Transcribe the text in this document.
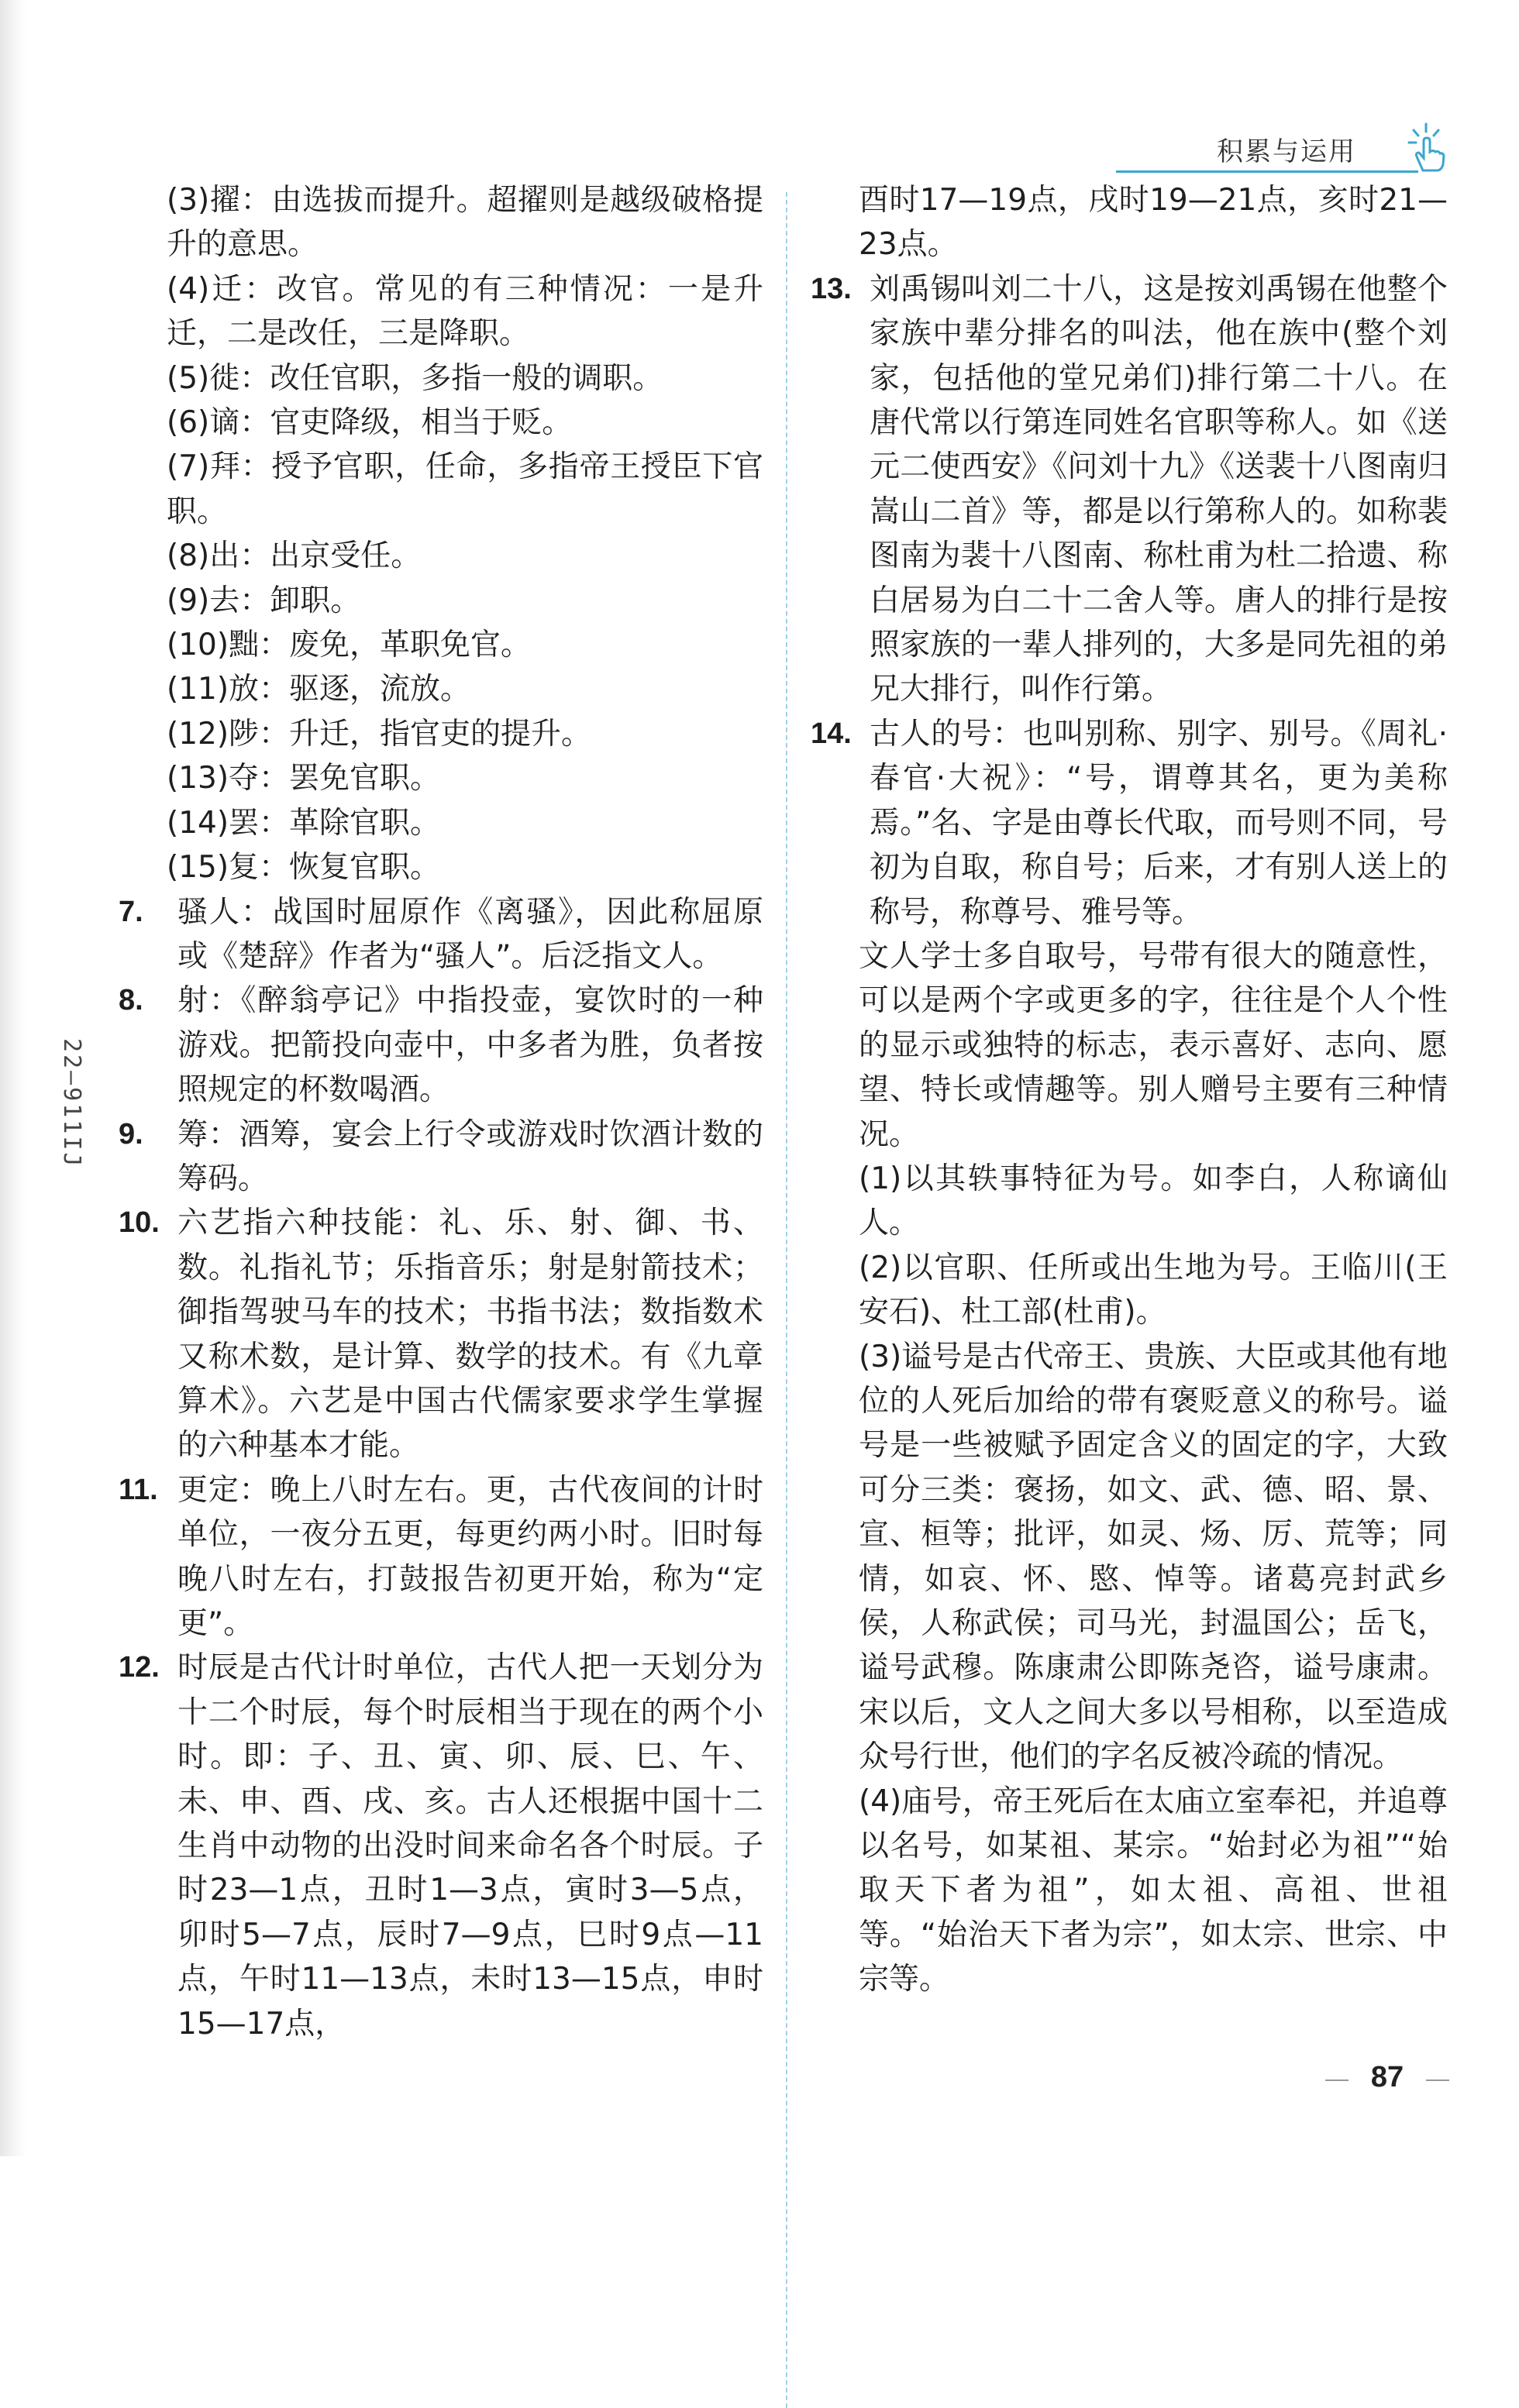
积累与运用
22—911IJ

(3)擢：由选拔而提升。超擢则是越级破格提升的意思。

(4)迁：改官。常见的有三种情况：一是升迁，二是改任，三是降职。

(5)徙：改任官职，多指一般的调职。

(6)谪：官吏降级，相当于贬。

(7)拜：授予官职，任命，多指帝王授臣下官职。

(8)出：出京受任。

(9)去：卸职。

(10)黜：废免，革职免官。

(11)放：驱逐，流放。

(12)陟：升迁，指官吏的提升。

(13)夺：罢免官职。

(14)罢：革除官职。

(15)复：恢复官职。

7.	骚人：战国时屈原作《离骚》，因此称屈原或《楚辞》作者为“骚人”。后泛指文人。

8.	射：《醉翁亭记》中指投壶，宴饮时的一种游戏。把箭投向壶中，中多者为胜，负者按照规定的杯数喝酒。

9.	筹：酒筹，宴会上行令或游戏时饮酒计数的筹码。

10. 六艺指六种技能：礼、乐、射、御、书、数。礼指礼节；乐指音乐；射是射箭技术；御指驾驶马车的技术；书指书法；数指数术又称术数，是计算、数学的技术。有《九章算术》。六艺是中国古代儒家要求学生掌握的六种基本才能。

11. 更定：晚上八时左右。更，古代夜间的计时单位，一夜分五更，每更约两小时。旧时每晚八时左右，打鼓报告初更开始，称为“定更”。

12. 时辰是古代计时单位，古代人把一天划分为十二个时辰，每个时辰相当于现在的两个小时。即：子、丑、寅、卯、辰、巳、午、未、申、酉、戌、亥。古人还根据中国十二生肖中动物的出没时间来命名各个时辰。子时23—1点，丑时1—3点，寅时3—5点，卯时5—7点，辰时7—9点，巳时9点—11点，午时11—13点，未时13—15点，申时15—17点，

酉时17—19点，戌时19—21点，亥时21—23点。

13. 刘禹锡叫刘二十八，这是按刘禹锡在他整个家族中辈分排名的叫法，他在族中(整个刘家，包括他的堂兄弟们)排行第二十八。在唐代常以行第连同姓名官职等称人。如《送元二使西安》《问刘十九》《送裴十八图南归嵩山二首》等，都是以行第称人的。如称裴图南为裴十八图南、称杜甫为杜二拾遗、称白居易为白二十二舍人等。唐人的排行是按照家族的一辈人排列的，大多是同先祖的弟兄大排行，叫作行第。

14. 古人的号：也叫别称、别字、别号。《周礼·春官·大祝》：“号，谓尊其名，更为美称焉。”名、字是由尊长代取，而号则不同，号初为自取，称自号；后来，才有别人送上的称号，称尊号、雅号等。

文人学士多自取号，号带有很大的随意性，可以是两个字或更多的字，往往是个人个性的显示或独特的标志，表示喜好、志向、愿望、特长或情趣等。别人赠号主要有三种情况。

(1)以其轶事特征为号。如李白，人称谪仙人。

(2)以官职、任所或出生地为号。王临川(王安石)、杜工部(杜甫)。

(3)谥号是古代帝王、贵族、大臣或其他有地位的人死后加给的带有褒贬意义的称号。谥号是一些被赋予固定含义的固定的字，大致可分三类：褒扬，如文、武、德、昭、景、宣、桓等；批评，如灵、炀、厉、荒等；同情，如哀、怀、愍、悼等。诸葛亮封武乡侯，人称武侯；司马光，封温国公；岳飞，谥号武穆。陈康肃公即陈尧咨，谥号康肃。宋以后，文人之间大多以号相称，以至造成众号行世，他们的字名反被冷疏的情况。

(4)庙号，帝王死后在太庙立室奉祀，并追尊以名号，如某祖、某宗。“始封必为祖”“始取天下者为祖”，如太祖、高祖、世祖等。“始治天下者为宗”，如太宗、世宗、中宗等。

87
